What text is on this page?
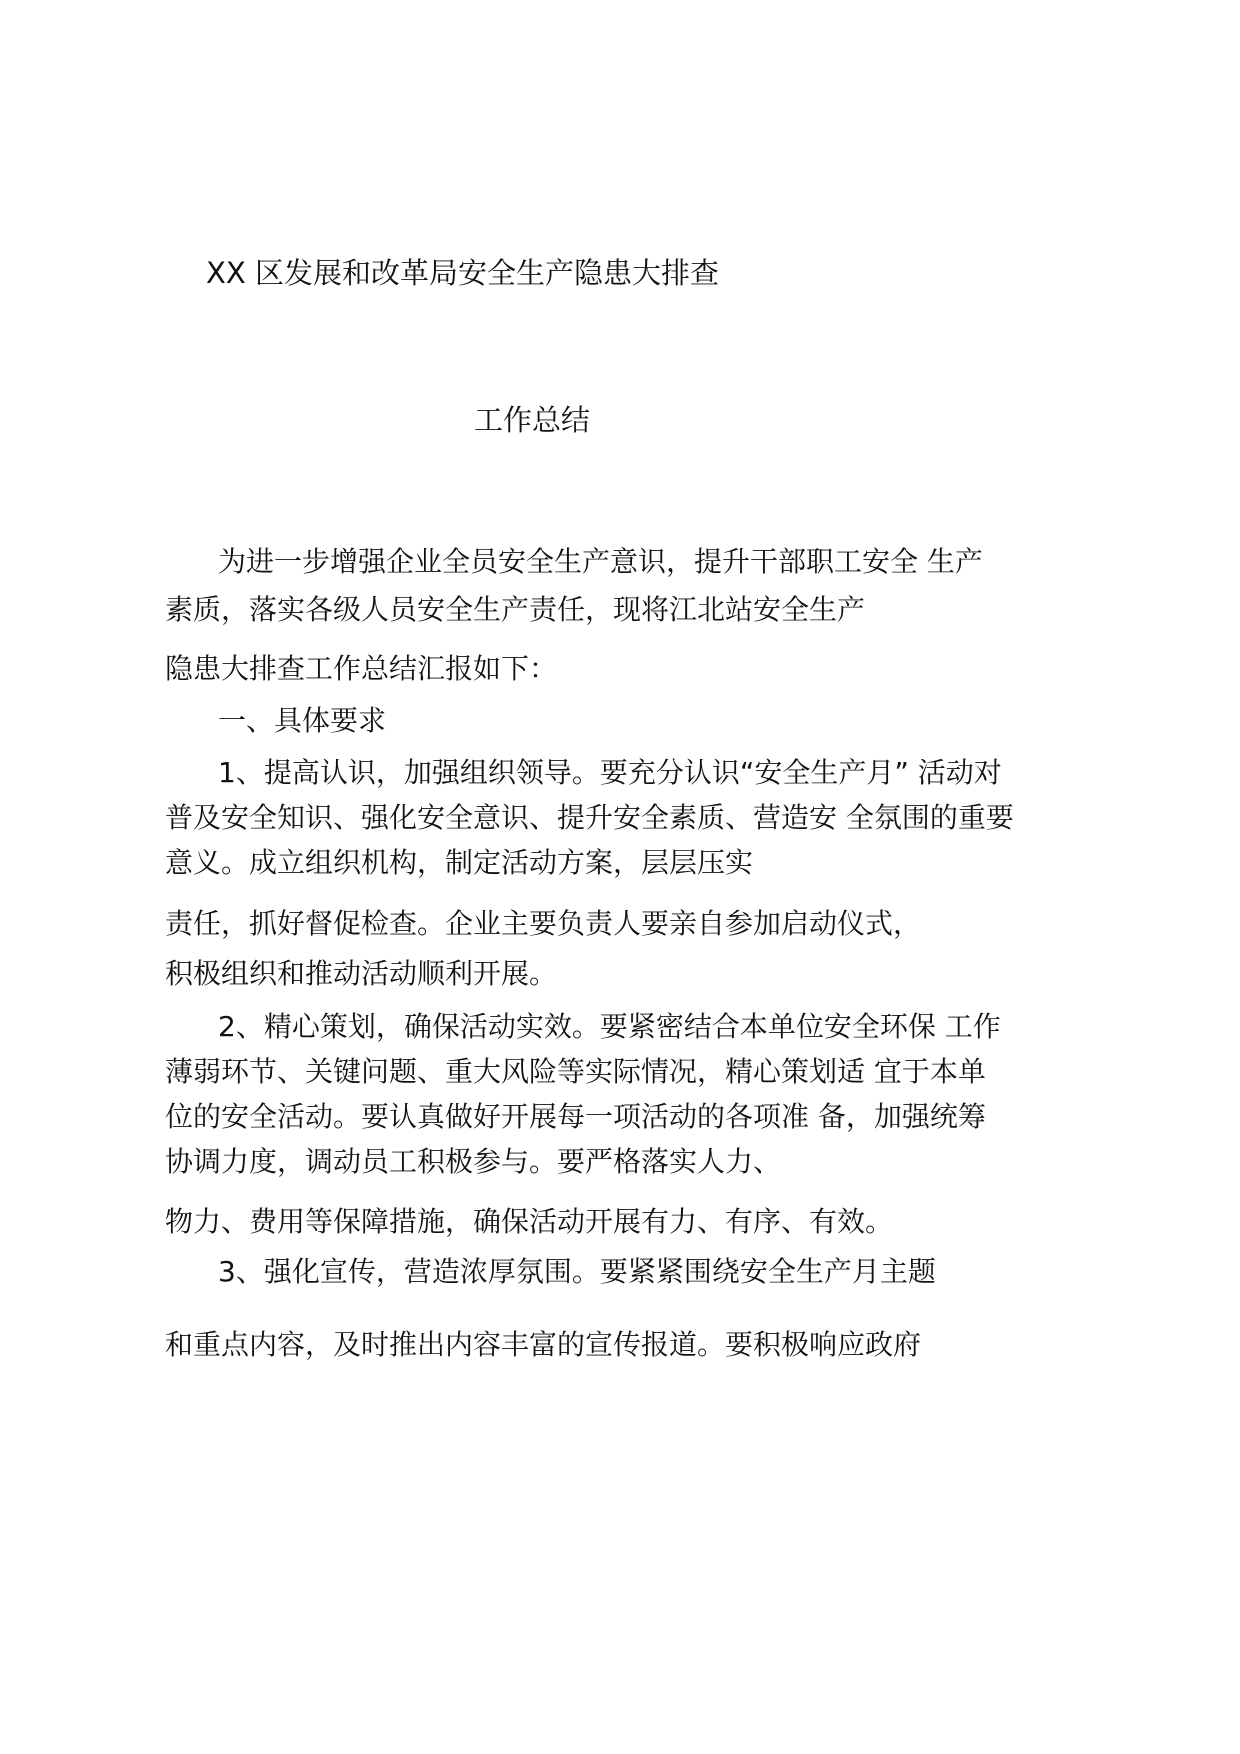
XX 区发展和改革局安全生产隐患大排查
工作总结
为进一步增强企业全员安全生产意识，提升干部职工安全 生产
素质，落实各级人员安全生产责任，现将江北站安全生产
隐患大排查工作总结汇报如下：
一、具体要求
1、提高认识，加强组织领导。要充分认识“安全生产月” 活动对
普及安全知识、强化安全意识、提升安全素质、营造安 全氛围的重要
意义。成立组织机构，制定活动方案，层层压实
责任，抓好督促检查。企业主要负责人要亲自参加启动仪式，
积极组织和推动活动顺利开展。
2、精心策划，确保活动实效。要紧密结合本单位安全环保 工作
薄弱环节、关键问题、重大风险等实际情况，精心策划适 宜于本单
位的安全活动。要认真做好开展每一项活动的各项准 备，加强统筹
协调力度，调动员工积极参与。要严格落实人力、
物力、费用等保障措施，确保活动开展有力、有序、有效。
3、强化宣传，营造浓厚氛围。要紧紧围绕安全生产月主题
和重点内容，及时推出内容丰富的宣传报道。要积极响应政府
